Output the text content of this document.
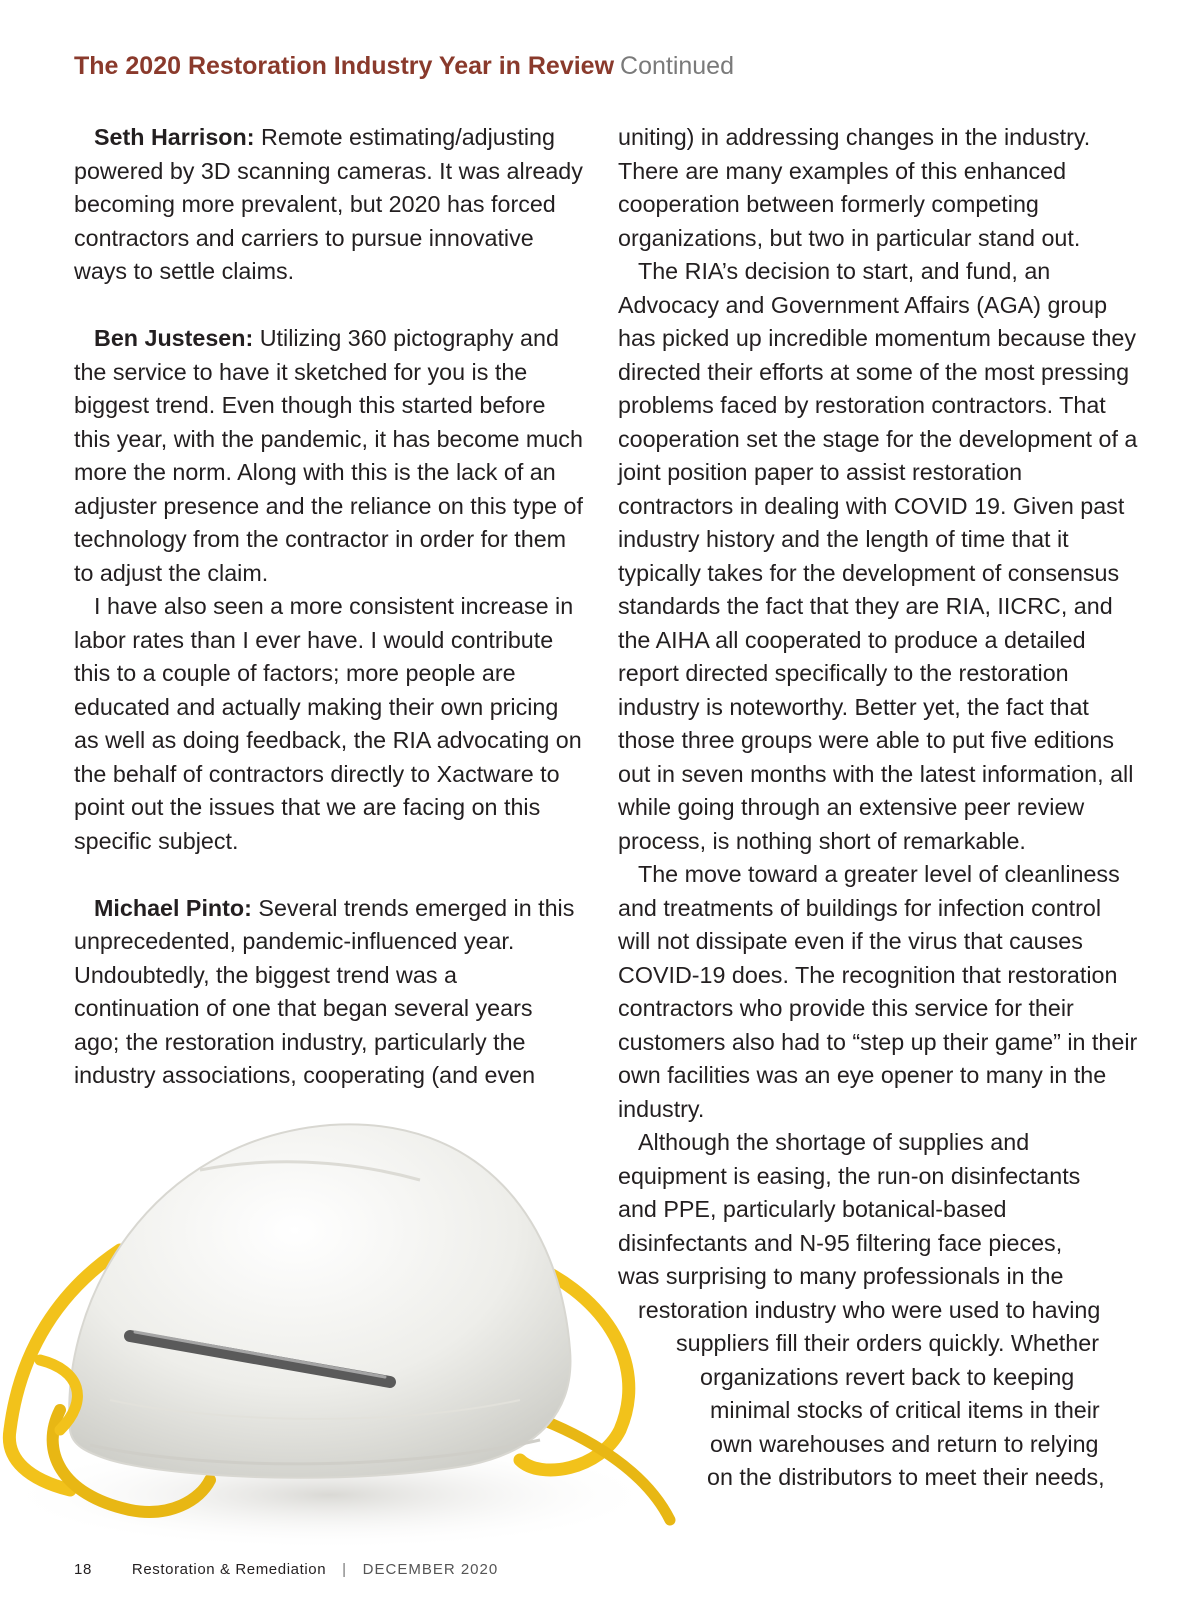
The 2020 Restoration Industry Year in Review Continued

Seth Harrison: Remote estimating/adjusting powered by 3D scanning cameras. It was already becoming more prevalent, but 2020 has forced contractors and carriers to pursue innovative ways to settle claims.

Ben Justesen: Utilizing 360 pictography and the service to have it sketched for you is the biggest trend. Even though this started before this year, with the pandemic, it has become much more the norm. Along with this is the lack of an adjuster presence and the reliance on this type of technology from the contractor in order for them to adjust the claim.

I have also seen a more consistent increase in labor rates than I ever have. I would contribute this to a couple of factors; more people are educated and actually making their own pricing as well as doing feedback, the RIA advocating on the behalf of contractors directly to Xactware to point out the issues that we are facing on this specific subject.

Michael Pinto: Several trends emerged in this unprecedented, pandemic-influenced year. Undoubtedly, the biggest trend was a continuation of one that began several years ago; the restoration industry, particularly the industry associations, cooperating (and even

uniting) in addressing changes in the industry. There are many examples of this enhanced cooperation between formerly competing organizations, but two in particular stand out.

The RIA’s decision to start, and fund, an Advocacy and Government Affairs (AGA) group has picked up incredible momentum because they directed their efforts at some of the most pressing problems faced by restoration contractors. That cooperation set the stage for the development of a joint position paper to assist restoration contractors in dealing with COVID 19. Given past industry history and the length of time that it typically takes for the development of consensus standards the fact that they are RIA, IICRC, and the AIHA all cooperated to produce a detailed report directed specifically to the restoration industry is noteworthy. Better yet, the fact that those three groups were able to put five editions out in seven months with the latest information, all while going through an extensive peer review process, is nothing short of remarkable.

The move toward a greater level of cleanliness and treatments of buildings for infection control will not dissipate even if the virus that causes COVID-19 does. The recognition that restoration contractors who provide this service for their customers also had to “step up their game” in their own facilities was an eye opener to many in the industry.

Although the shortage of supplies and
equipment is easing, the run-on disinfectants
and PPE, particularly botanical-based
disinfectants and N-95 filtering face pieces,
was surprising to many professionals in the
restoration industry who were used to having
suppliers fill their orders quickly. Whether
organizations revert back to keeping
minimal stocks of critical items in their
own warehouses and return to relying
on the distributors to meet their needs,
18	Restoration & Remediation | DECEMBER 2020
